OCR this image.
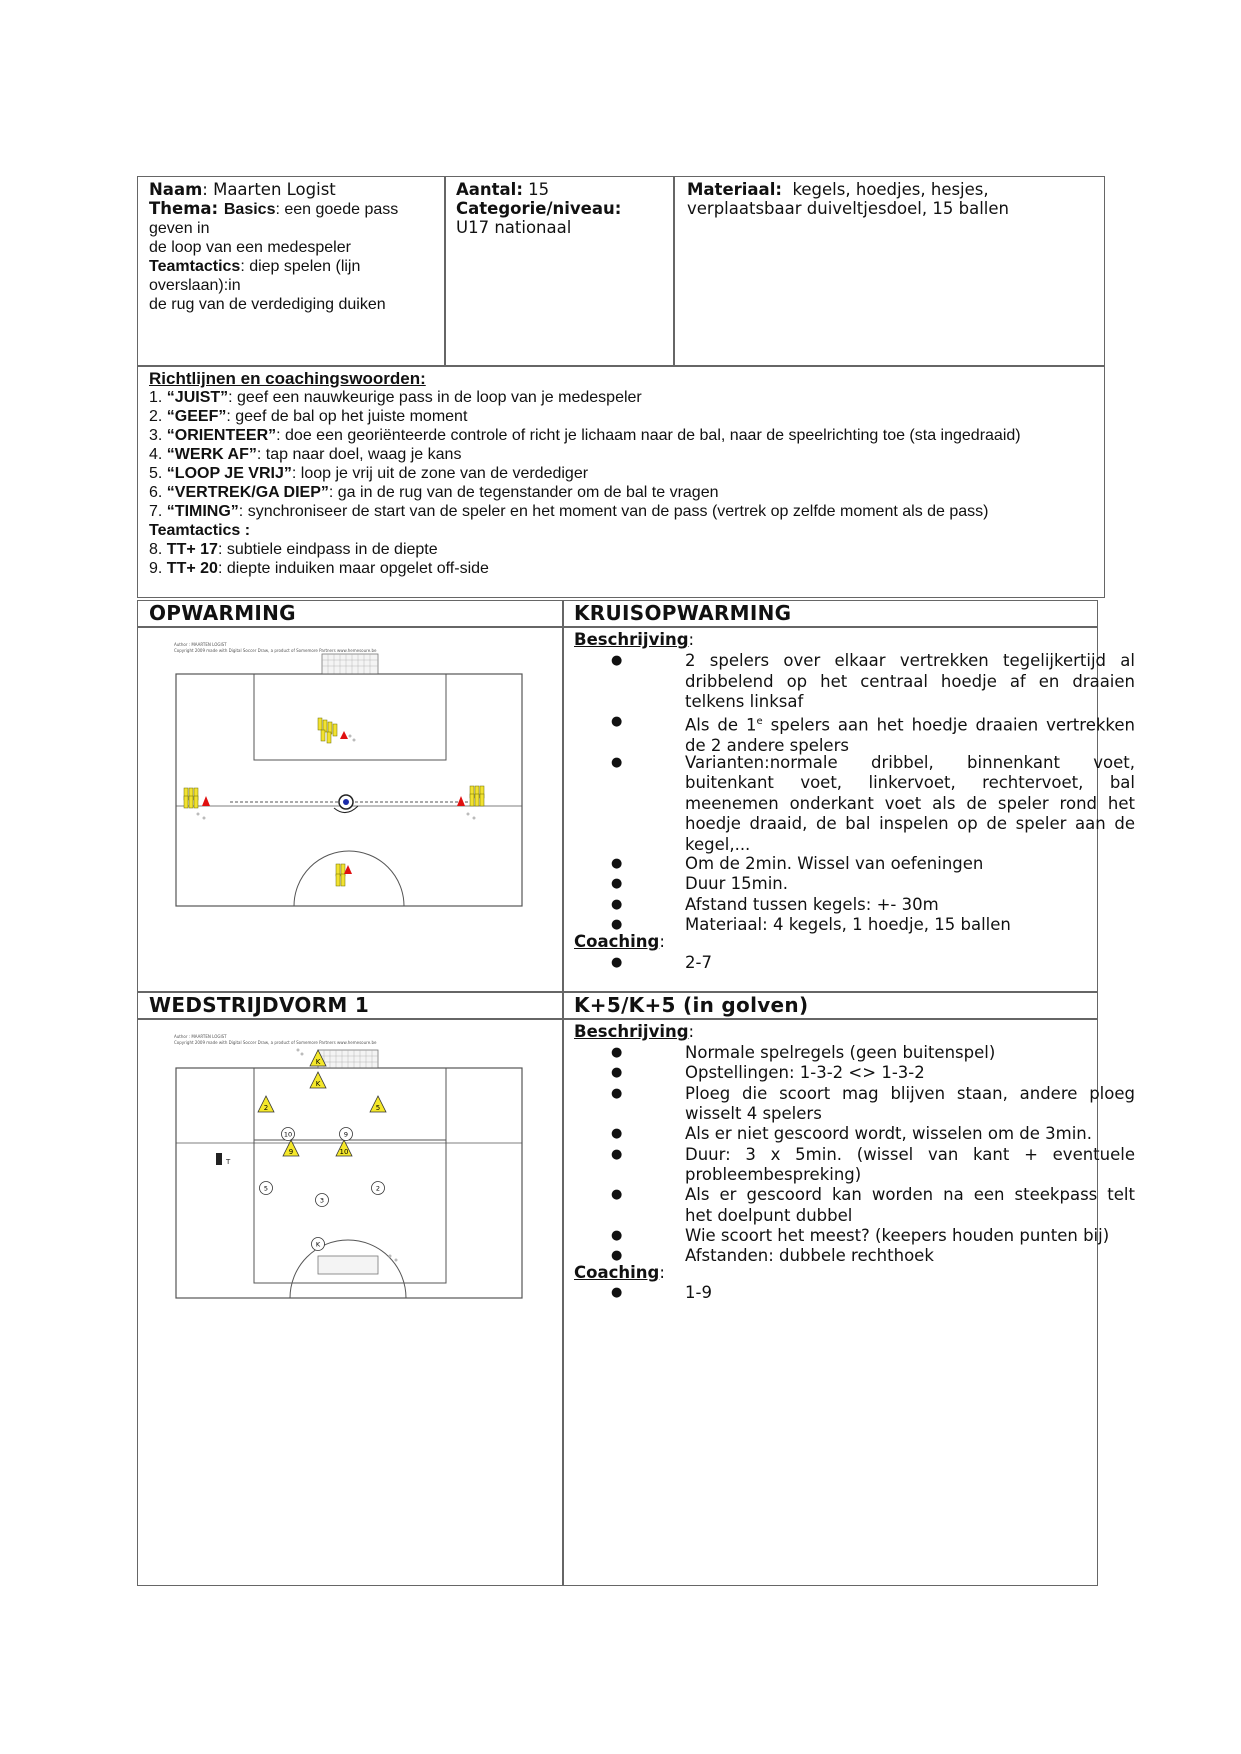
Naam: Maarten Logist
Thema: Basics: een goede pass
geven in
de loop van een medespeler
Teamtactics: diep spelen (lijn
overslaan):in
de rug van de verdediging duiken
Aantal: 15
Categorie/niveau:
U17 nationaal
Materiaal:  kegels, hoedjes, hesjes,
verplaatsbaar duiveltjesdoel, 15 ballen
Richtlijnen en coachingswoorden:
1. “JUIST”: geef een nauwkeurige pass in de loop van je medespeler
2. “GEEF”: geef de bal op het juiste moment
3. “ORIENTEER”: doe een georiënteerde controle of richt je lichaam naar de bal, naar de speelrichting toe (sta ingedraaid)
4. “WERK AF”: tap naar doel, waag je kans
5. “LOOP JE VRIJ”: loop je vrij uit de zone van de verdediger
6. “VERTREK/GA DIEP”: ga in de rug van de tegenstander om de bal te vragen
7. “TIMING”: synchroniseer de start van de speler en het moment van de pass (vertrek op zelfde moment als de pass)
Teamtactics :
8. TT+ 17: subtiele eindpass in de diepte
9. TT+ 20: diepte induiken maar opgelet off-side
OPWARMING	KRUISOPWARMING
Author : MAARTEN LOGIST
Copyright 2009 made with Digital Soccer Draw, a product of Somemore Partners www.hemesoure.be
Beschrijving:
●	2 spelers over elkaar vertrekken tegelijkertijd al
dribbelend op het centraal hoedje af en draaien
telkens linksaf
●	Als de 1e spelers aan het hoedje draaien vertrekken
de 2 andere spelers
●	Varianten:normale dribbel, binnenkant voet,
buitenkant voet, linkervoet, rechtervoet, bal
meenemen onderkant voet als de speler rond het
hoedje draaid, de bal inspelen op de speler aan de
kegel,...
●	Om de 2min. Wissel van oefeningen
●	Duur 15min.
●	Afstand tussen kegels: +- 30m
●	Materiaal: 4 kegels, 1 hoedje, 15 ballen
Coaching:
●	2-7
WEDSTRIJDVORM 1	K+5/K+5 (in golven)
Author : MAARTEN LOGIST
Copyright 2009 made with Digital Soccer Draw, a product of Somemore Partners www.hemesoure.be
K
K
2	5
9	10
10	9
5
3
2
K
T
Beschrijving:
●	Normale spelregels (geen buitenspel)
●	Opstellingen: 1-3-2 <> 1-3-2
●	Ploeg die scoort mag blijven staan, andere ploeg
wisselt 4 spelers
●	Als er niet gescoord wordt, wisselen om de 3min.
●	Duur: 3 x 5min. (wissel van kant + eventuele
probleembespreking)
●	Als er gescoord kan worden na een steekpass telt
het doelpunt dubbel
●	Wie scoort het meest? (keepers houden punten bij)
●	Afstanden: dubbele rechthoek
Coaching:
●	1-9
